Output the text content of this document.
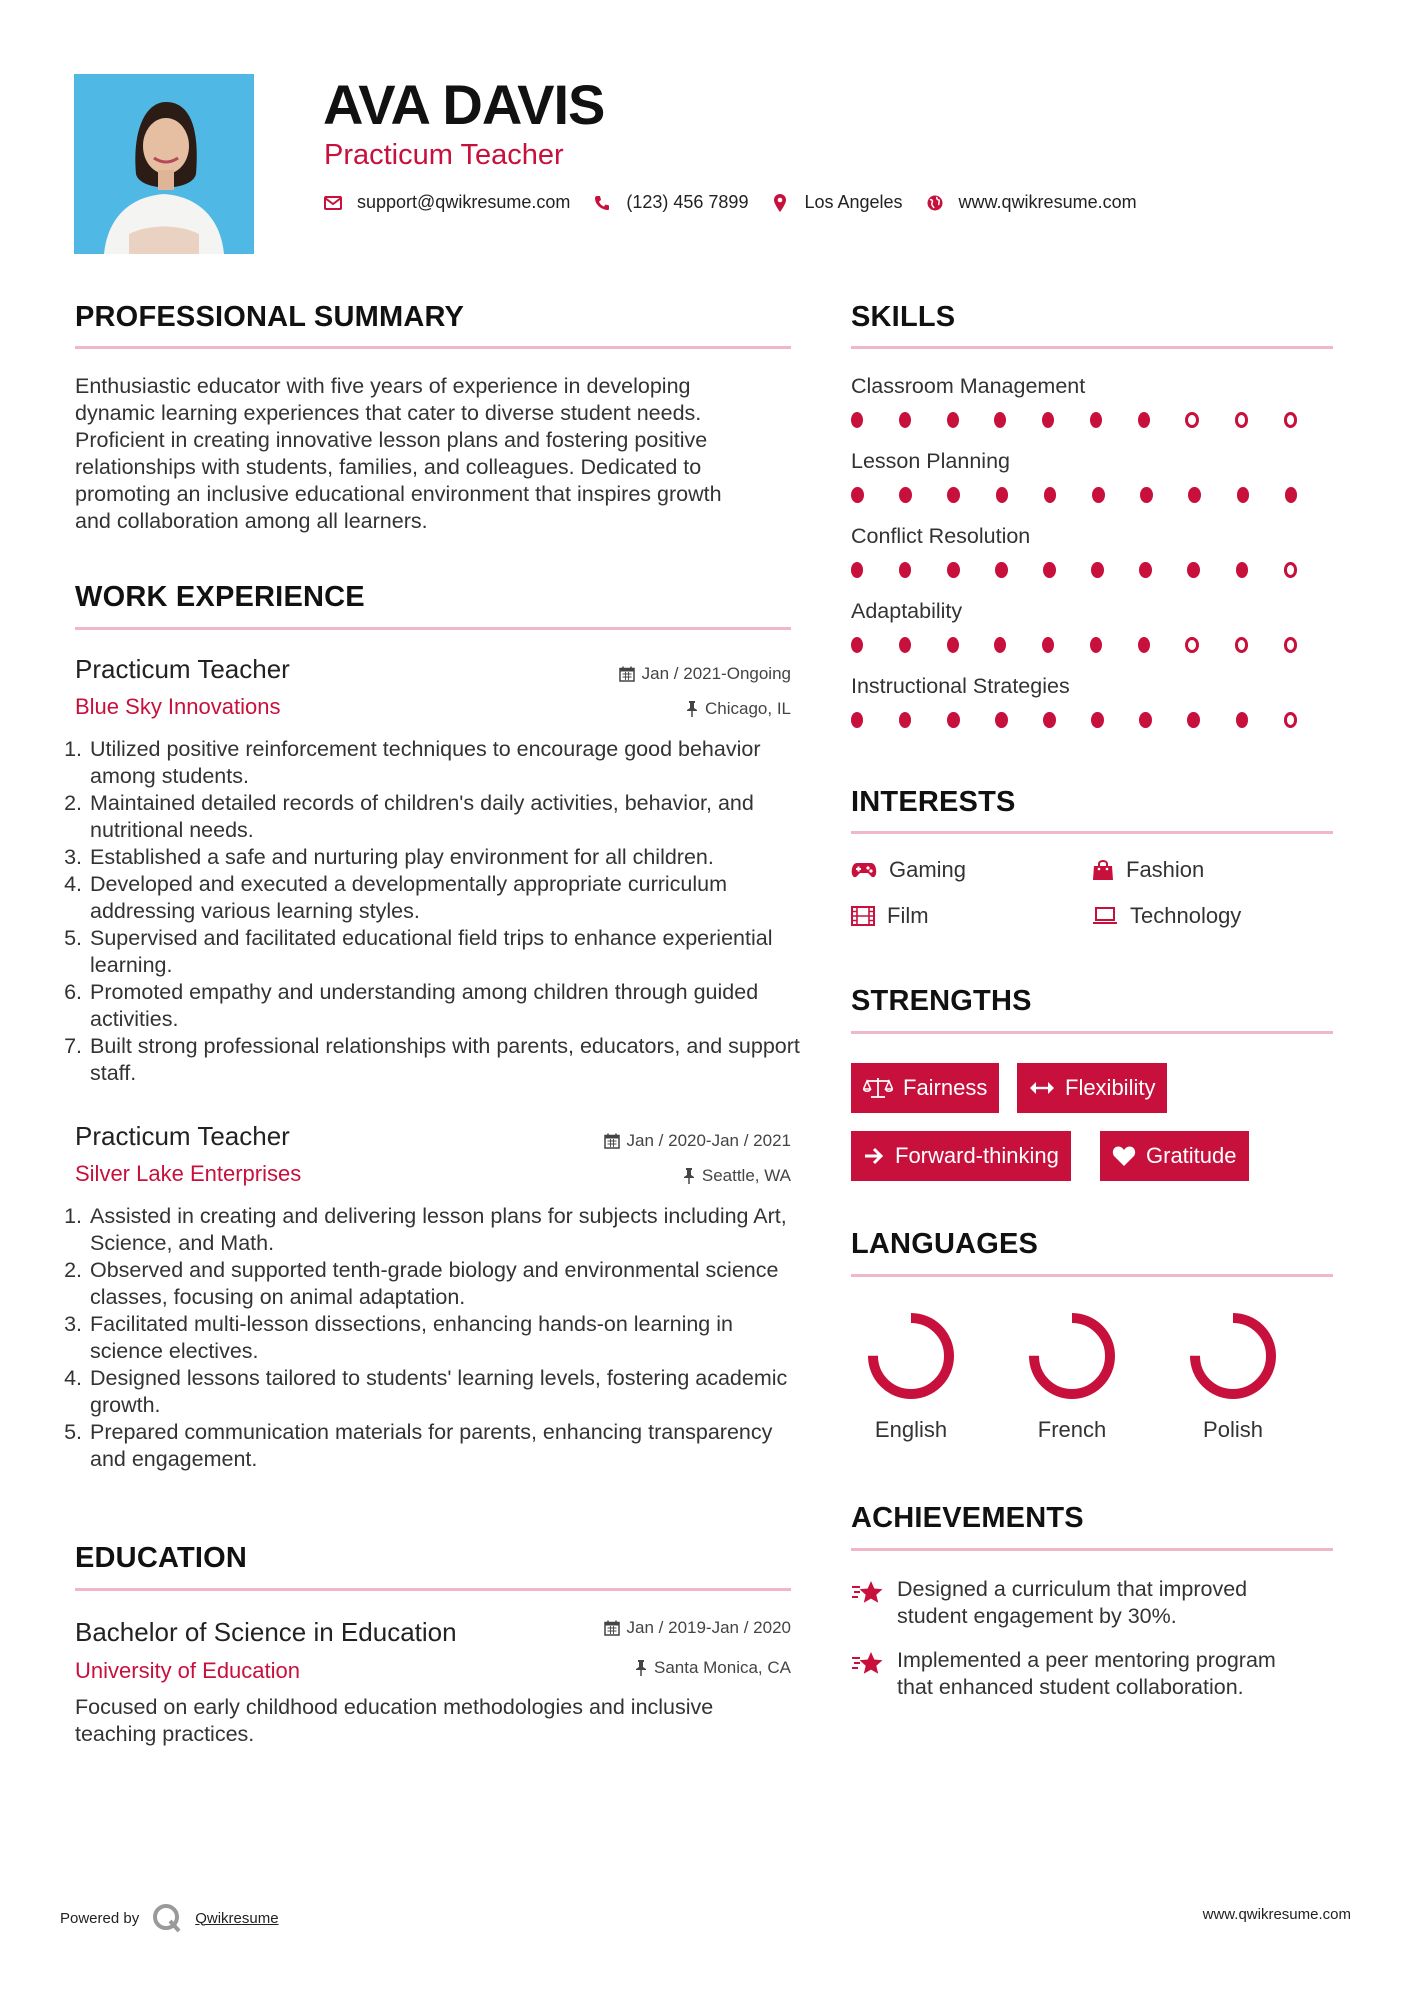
AVA DAVIS
Practicum Teacher
support@qwikresume.com	(123) 456 7899	Los Angeles	www.qwikresume.com
PROFESSIONAL SUMMARY
Enthusiastic educator with five years of experience in developing
dynamic learning experiences that cater to diverse student needs.
Proficient in creating innovative lesson plans and fostering positive
relationships with students, families, and colleagues. Dedicated to
promoting an inclusive educational environment that inspires growth
and collaboration among all learners.
WORK EXPERIENCE
Practicum Teacher	Jan / 2021-Ongoing
Blue Sky Innovations	Chicago, IL
1. Utilized positive reinforcement techniques to encourage good behavior among students.
2. Maintained detailed records of children's daily activities, behavior, and nutritional needs.
3. Established a safe and nurturing play environment for all children.
4. Developed and executed a developmentally appropriate curriculum addressing various learning styles.
5. Supervised and facilitated educational field trips to enhance experiential learning.
6. Promoted empathy and understanding among children through guided activities.
7. Built strong professional relationships with parents, educators, and support staff.
Practicum Teacher	Jan / 2020-Jan / 2021
Silver Lake Enterprises	Seattle, WA
1. Assisted in creating and delivering lesson plans for subjects including Art, Science, and Math.
2. Observed and supported tenth-grade biology and environmental science classes, focusing on animal adaptation.
3. Facilitated multi-lesson dissections, enhancing hands-on learning in science electives.
4. Designed lessons tailored to students' learning levels, fostering academic growth.
5. Prepared communication materials for parents, enhancing transparency and engagement.
EDUCATION
Bachelor of Science in Education	Jan / 2019-Jan / 2020
University of Education	Santa Monica, CA
Focused on early childhood education methodologies and inclusive
teaching practices.
SKILLS
Classroom Management
Lesson Planning
Conflict Resolution
Adaptability
Instructional Strategies
INTERESTS
Gaming	Fashion
Film	Technology
STRENGTHS
Fairness	Flexibility
Forward-thinking	Gratitude
LANGUAGES
English	French	Polish
ACHIEVEMENTS
Designed a curriculum that improved
student engagement by 30%.
Implemented a peer mentoring program
that enhanced student collaboration.
Powered by	Qwikresume	www.qwikresume.com
